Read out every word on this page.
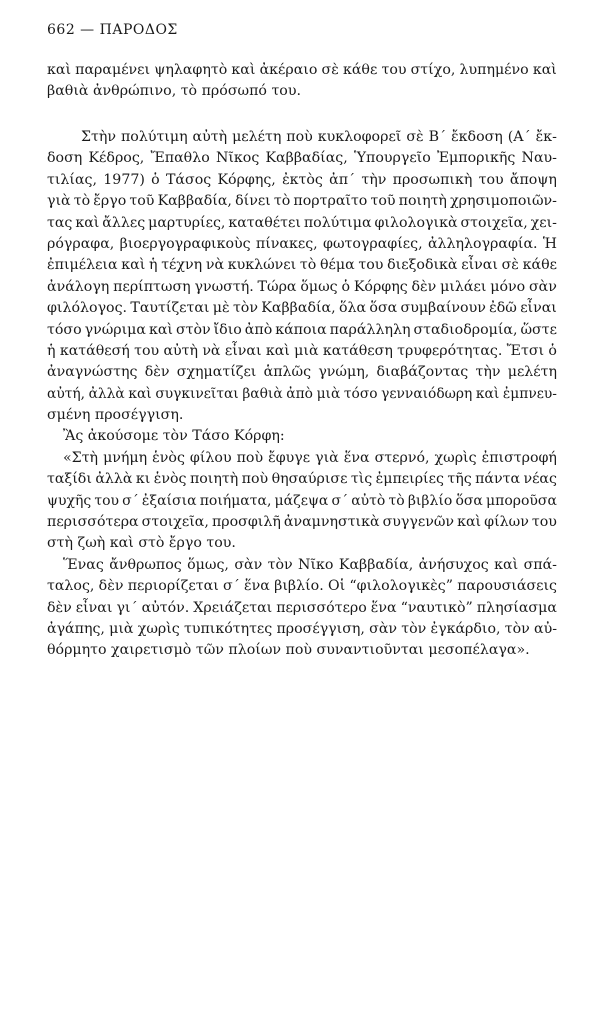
662 — ΠΑΡΟΔΟΣ
καὶ παραμένει ψηλαφητὸ καὶ ἀκέραιο σὲ κάθε του στίχο, λυπημένο καὶ
βαθιὰ ἀνθρώπινο, τὸ πρόσωπό του.
Στὴν πολύτιμη αὐτὴ μελέτη ποὺ κυκλοφορεῖ σὲ Β΄ ἔκδοση (Α΄ ἔκ-
δοση Κέδρος, Ἔπαθλο Νῖκος Καββαδίας, Ὑπουργεῖο Ἐμπορικῆς Ναυ-
τιλίας, 1977) ὁ Τάσος Κόρφης, ἐκτὸς ἀπ΄ τὴν προσωπικὴ του ἄποψη
γιὰ τὸ ἔργο τοῦ Καββαδία, δίνει τὸ πορτραῖτο τοῦ ποιητὴ χρησιμοποιῶν-
τας καὶ ἄλλες μαρτυρίες, καταθέτει πολύτιμα φιλολογικὰ στοιχεῖα, χει-
ρόγραφα, βιοεργογραφικοὺς πίνακες, φωτογραφίες, ἀλληλογραφία. Ἡ
ἐπιμέλεια καὶ ἡ τέχνη νὰ κυκλώνει τὸ θέμα του διεξοδικὰ εἶναι σὲ κάθε
ἀνάλογη περίπτωση γνωστή. Τώρα ὅμως ὁ Κόρφης δὲν μιλάει μόνο σὰν
φιλόλογος. Ταυτίζεται μὲ τὸν Καββαδία, ὅλα ὅσα συμβαίνουν ἐδῶ εἶναι
τόσο γνώριμα καὶ στὸν ἴδιο ἀπὸ κάποια παράλληλη σταδιοδρομία, ὥστε
ἡ κατάθεσή του αὐτὴ νὰ εἶναι καὶ μιὰ κατάθεση τρυφερότητας. Ἔτσι ὁ
ἀναγνώστης δὲν σχηματίζει ἁπλῶς γνώμη, διαβάζοντας τὴν μελέτη
αὐτή, ἀλλὰ καὶ συγκινεῖται βαθιὰ ἀπὸ μιὰ τόσο γενναιόδωρη καὶ ἐμπνευ-
σμένη προσέγγιση.
Ἂς ἀκούσομε τὸν Τάσο Κόρφη:
«Στὴ μνήμη ἑνὸς φίλου ποὺ ἔφυγε γιὰ ἕνα στερνό, χωρὶς ἐπιστροφή
ταξίδι ἀλλὰ κι ἑνὸς ποιητὴ ποὺ θησαύρισε τὶς ἐμπειρίες τῆς πάντα νέας
ψυχῆς του σ΄ ἐξαίσια ποιήματα, μάζεψα σ΄ αὐτὸ τὸ βιβλίο ὅσα μποροῦσα
περισσότερα στοιχεῖα, προσφιλῆ ἀναμνηστικὰ συγγενῶν καὶ φίλων του
στὴ ζωὴ καὶ στὸ ἔργο του.
Ἕνας ἄνθρωπος ὅμως, σὰν τὸν Νῖκο Καββαδία, ἀνήσυχος καὶ σπά-
ταλος, δὲν περιορίζεται σ΄ ἕνα βιβλίο. Οἱ “φιλολογικὲς” παρουσιάσεις
δὲν εἶναι γι΄ αὐτόν. Χρειάζεται περισσότερο ἕνα “ναυτικὸ” πλησίασμα
ἀγάπης, μιὰ χωρὶς τυπικότητες προσέγγιση, σὰν τὸν ἐγκάρδιο, τὸν αὐ-
θόρμητο χαιρετισμὸ τῶν πλοίων ποὺ συναντιοῦνται μεσοπέλαγα».
